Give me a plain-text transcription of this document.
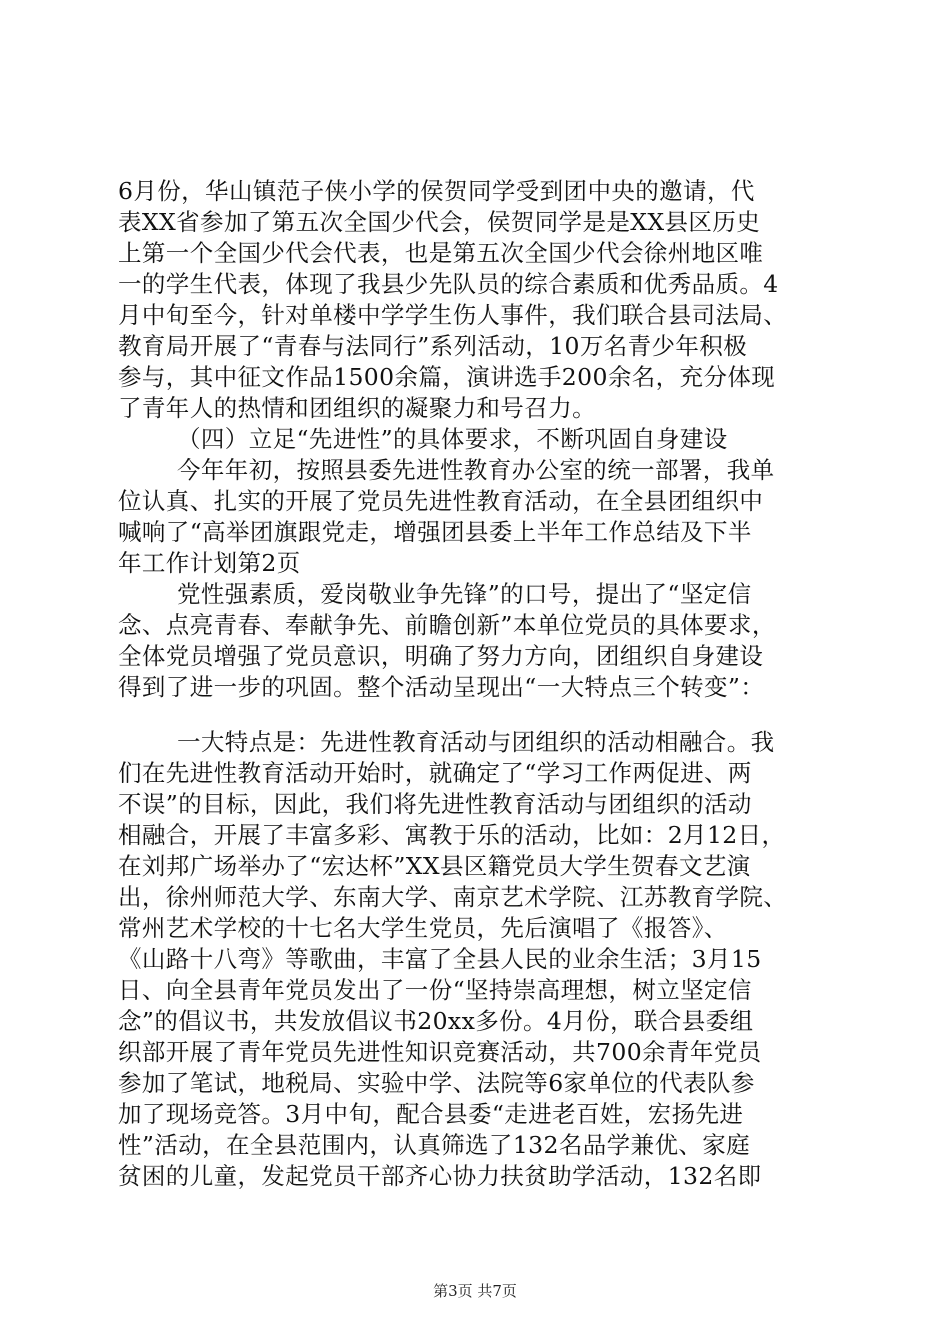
6月份，华山镇范子侠小学的侯贺同学受到团中央的邀请，代
表XX省参加了第五次全国少代会，侯贺同学是是XX县区历史
上第一个全国少代会代表，也是第五次全国少代会徐州地区唯
一的学生代表，体现了我县少先队员的综合素质和优秀品质。4
月中旬至今，针对单楼中学学生伤人事件，我们联合县司法局、
教育局开展了“青春与法同行”系列活动，10万名青少年积极
参与，其中征文作品1500余篇，演讲选手200余名，充分体现
了青年人的热情和团组织的凝聚力和号召力。
（四）立足“先进性”的具体要求，不断巩固自身建设
今年年初，按照县委先进性教育办公室的统一部署，我单
位认真、扎实的开展了党员先进性教育活动，在全县团组织中
喊响了“高举团旗跟党走，增强团县委上半年工作总结及下半
年工作计划第2页
党性强素质，爱岗敬业争先锋”的口号，提出了“坚定信
念、点亮青春、奉献争先、前瞻创新”本单位党员的具体要求，
全体党员增强了党员意识，明确了努力方向，团组织自身建设
得到了进一步的巩固。整个活动呈现出“一大特点三个转变”：
一大特点是：先进性教育活动与团组织的活动相融合。我
们在先进性教育活动开始时，就确定了“学习工作两促进、两
不误”的目标，因此，我们将先进性教育活动与团组织的活动
相融合，开展了丰富多彩、寓教于乐的活动，比如：2月12日，
在刘邦广场举办了“宏达杯”XX县区籍党员大学生贺春文艺演
出，徐州师范大学、东南大学、南京艺术学院、江苏教育学院、
常州艺术学校的十七名大学生党员，先后演唱了《报答》、
《山路十八弯》等歌曲，丰富了全县人民的业余生活；3月15
日、向全县青年党员发出了一份“坚持崇高理想，树立坚定信
念”的倡议书，共发放倡议书20xx多份。4月份，联合县委组
织部开展了青年党员先进性知识竞赛活动，共700余青年党员
参加了笔试，地税局、实验中学、法院等6家单位的代表队参
加了现场竞答。3月中旬，配合县委“走进老百姓，宏扬先进
性”活动，在全县范围内，认真筛选了132名品学兼优、家庭
贫困的儿童，发起党员干部齐心协力扶贫助学活动，132名即
第3页 共7页
